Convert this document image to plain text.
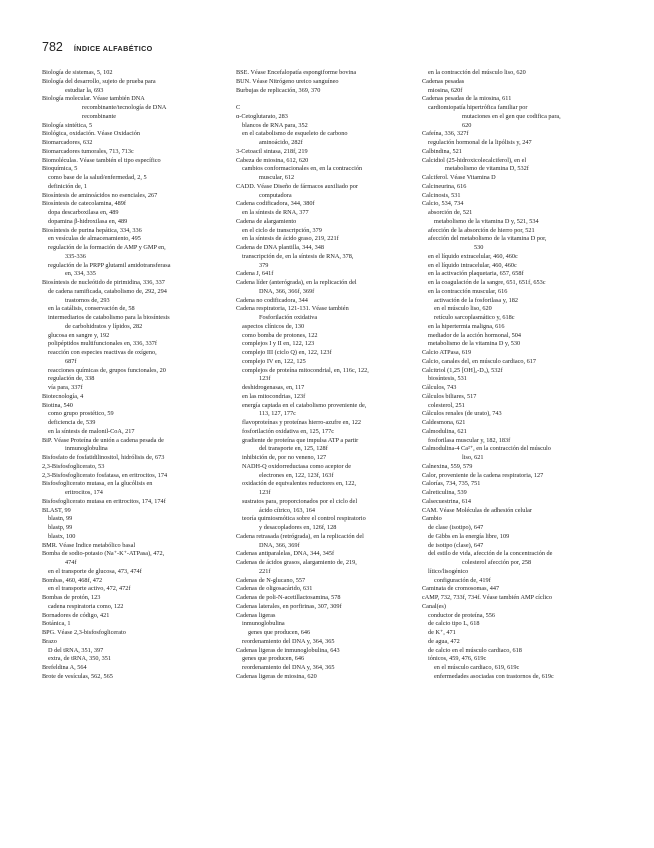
782 ÍNDICE ALFABÉTICO
Biología de sistemas, 5, 102
Biología del desarrollo, sujeto de prueba para
estudiar la, 693
Biología molecular. Véase también DNA
recombinante/tecnología de DNA
recombinante
Biología sintética, 5
Biológica, oxidación. Véase Oxidación
Biomarcadores, 632
Biomarcadores tumorales, 713, 713c
Biomoléculas. Véase también el tipo específico
Bioquímica, 5
como base de la salud/enfermedad, 2, 5
definición de, 1
Biosíntesis de aminoácidos no esenciales, 267
Biosíntesis de catecolamina, 489f
dopa descarboxilasa en, 489
dopamina β-hidroxilasa en, 489
Biosíntesis de purina hepática, 334, 336
en vesículas de almacenamiento, 495
regulación de la formación de AMP y GMP en,
335-336
regulación de la PRPP glutamil amidotransferasa
en, 334, 335
Biosíntesis de nucleótido de pirimidina, 336, 337
de cadena ramificada, catabolismo de, 292, 294
trastornos de, 293
en la catálisis, conservación de, 58
intermediarios de catabolismo para la biosíntesis
de carbohidratos y lípidos, 282
glucosa en sangre y, 192
polipéptidos multifuncionales en, 336, 337f
reacción con especies reactivas de oxígeno,
687f
reacciones químicas de, grupos funcionales, 20
regulación de, 338
vía para, 337f
Biotecnología, 4
Biotina, 540
como grupo prostético, 59
deficiencia de, 539
en la síntesis de malonil-CoA, 217
BiP. Véase Proteína de unión a cadena pesada de
inmunoglobulina
Bisfosfato de fosfatidilinositol, hidrólisis de, 673
2,3-Bisfosfoglicerato, 53
2,3-Bisfosfoglicerato fosfatasa, en eritrocitos, 174
Bisfosfoglicerato mutasa, en la glucólisis en
eritrocitos, 174
Bisfosfoglicerato mutasa en eritrocitos, 174, 174f
BLAST, 99
blastn, 99
blastp, 99
blastx, 100
BMR. Véase Índice metabólico basal
Bomba de sodio-potasio (Na⁺-K⁺-ATPasa), 472,
474f
en el transporte de glucosa, 473, 474f
Bombas, 460, 468f, 472
en el transporte activo, 472, 472f
Bombas de protón, 123
cadena respiratoria como, 122
Bornadores de código, 421
Botánica, 1
BPG. Véase 2,3-bisfosfoglicerato
Brazo
D del tRNA, 351, 397
extra, de tRNA, 350, 351
Brefeldina A, 564
Brote de vesículas, 562, 565
BSE. Véase Encefalopatía espongiforme bovina
BUN. Véase Nitrógeno ureico sanguíneo
Burbujas de replicación, 369, 370
C
α-Cetoglutarato, 283
blancos de RNA para, 352
en el catabolismo de esqueleto de carbono
aminoácido, 282f
3-Cetoacil sintasa, 218f, 219
Cabeza de miosina, 612, 620
cambios conformacionales en, en la contracción
muscular, 612
CADD. Véase Diseño de fármacos auxiliado por
computadora
Cadena codificadora, 344, 380f
en la síntesis de RNA, 377
Cadena de alargamiento
en el ciclo de transcripción, 379
en la síntesis de ácido graso, 219, 221f
Cadena de DNA plantilla, 344, 348
transcripción de, en la síntesis de RNA, 378,
379
Cadena J, 641f
Cadena líder (anterógrada), en la replicación del
DNA, 366, 366f, 369f
Cadena no codificadora, 344
Cadena respiratoria, 121-131. Véase también
Fosforilación oxidativa
aspectos clínicos de, 130
como bomba de protones, 122
complejos I y II en, 122, 123
complejo III (ciclo Q) en, 122, 123f
complejo IV en, 122, 125
complejos de proteína mitocondrial, en, 116c, 122,
123f
deshidrogenasas, en, 117
en las mitocondrias, 123f
energía captada en el catabolismo proveniente de,
113, 127, 177c
flavoproteínas y proteínas hierro-azufre en, 122
fosforilación oxidativa en, 125, 177c
gradiente de proteína que impulsa ATP a partir
del transporte en, 125, 128f
inhibición de, por no veneno, 127
NADH-Q oxidorreductasa como aceptor de
electrones en, 122, 123f, 163f
oxidación de equivalentes reductores en, 122,
123f
sustratos para, proporcionados por el ciclo del
ácido cítrico, 163, 164
teoría quimiosmótica sobre el control respiratorio
y desacopladores en, 126f, 128
Cadena retrasada (retrógrada), en la replicación del
DNA, 366, 369f
Cadenas antiparalelas, DNA, 344, 345f
Cadenas de ácidos grasos, alargamiento de, 219,
221f
Cadenas de N-glucano, 557
Cadenas de oligosacárido, 631
Cadenas de poli-N-acetillactosamina, 578
Cadenas laterales, en porfirinas, 307, 309f
Cadenas ligeras
inmunoglobulina
genes que producen, 646
reordenamiento del DNA y, 364, 365
Cadenas ligeras de inmunoglobulina, 643
genes que producen, 646
reordenamiento del DNA y, 364, 365
Cadenas ligeras de miosina, 620
en la contracción del músculo liso, 620
Cadenas pesadas
miosina, 620f
Cadenas pesadas de la miosina, 611
cardiomiopatía hipertrófica familiar por
mutaciones en el gen que codifica para,
620
Cafeína, 336, 327f
regulación hormonal de la lipólisis y, 247
Calbindina, 521
Calcidiol (25-hidroxicolecalciferol), en el
metabolismo de vitamina D, 532f
Calciferol. Véase Vitamina D
Calcineurina, 616
Calcinosis, 531
Calcio, 534, 734
absorción de, 521
metabolismo de la vitamina D y, 521, 534
afección de la absorción de hierro por, 521
afección del metabolismo de la vitamina D por,
530
en el líquido extracelular, 460, 460c
en el líquido intracelular, 460, 460c
en la activación plaquetaria, 657, 658f
en la coagulación de la sangre, 651, 651f, 653c
en la contracción muscular, 616
activación de la fosforilasa y, 182
en el músculo liso, 620
retículo sarcoplasmático y, 618c
en la hipertermia maligna, 616
mediador de la acción hormonal, 504
metabolismo de la vitamina D y, 530
Calcio ATPasa, 619
Calcio, canales del, en músculo cardiaco, 617
Calcitriol (1,25 [OH]₂-D₃), 532f
biosíntesis, 531
Cálculos, 743
Cálculos biliares, 517
colesterol, 251
Cálculos renales (de urato), 743
Caldesmona, 621
Calmodulina, 621
fosforilasa muscular y, 182, 183f
Calmodulina-4 Ca²⁺, en la contracción del músculo
liso, 621
Calnexina, 559, 579
Calor, proveniente de la cadena respiratoria, 127
Calorías, 734, 735, 751
Calreticulina, 539
Calsecuestrina, 614
CAM. Véase Moléculas de adhesión celular
Cambio
de clase (isotipo), 647
de Gibbs en la energía libre, 109
de isotipo (clase), 647
del estilo de vida, afección de la concentración de
colesterol afección por, 258
lítico/lisogénico
configuración de, 419f
Caminata de cromosomas, 447
cAMP, 732, 733f, 734f. Véase también AMP cíclico
Canal(es)
conductor de proteína, 556
de calcio tipo L, 618
de K⁺, 471
de agua, 472
de calcio en el músculo cardiaco, 618
iónicos, 459, 476, 619c
en el músculo cardiaco, 619, 619c
enfermedades asociadas con trastornos de, 619c
